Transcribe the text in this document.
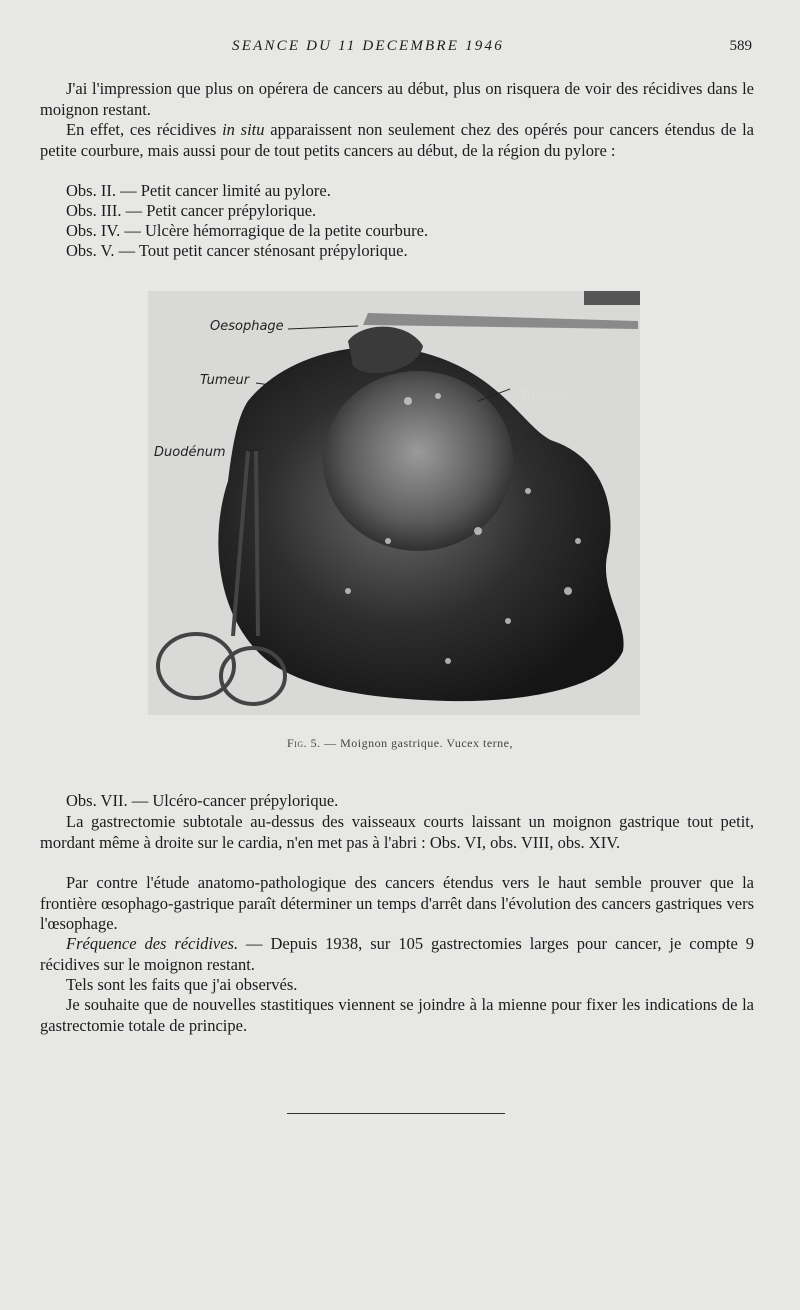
SEANCE DU 11 DECEMBRE 1946	589

J'ai l'impression que plus on opérera de cancers au début, plus on risquera de voir des récidives dans le moignon restant.

En effet, ces récidives in situ apparaissent non seulement chez des opérés pour cancers étendus de la petite courbure, mais aussi pour de tout petits cancers au début, de la région du pylore :

Obs. II. — Petit cancer limité au pylore.

Obs. III. — Petit cancer prépylorique.

Obs. IV. — Ulcère hémorragique de la petite courbure.

Obs. V. — Tout petit cancer sténosant prépylorique.

Oesophage
Tumeur
Tumeur
Duodénum
Fig. 5. — Moignon gastrique. Vucex terne,

Obs. VII. — Ulcéro-cancer prépylorique.

La gastrectomie subtotale au-dessus des vaisseaux courts laissant un moignon gastrique tout petit, mordant même à droite sur le cardia, n'en met pas à l'abri : Obs. VI, obs. VIII, obs. XIV.

Par contre l'étude anatomo-pathologique des cancers étendus vers le haut semble prouver que la frontière œsophago-gastrique paraît déterminer un temps d'arrêt dans l'évolution des cancers gastriques vers l'œsophage.

Fréquence des récidives. — Depuis 1938, sur 105 gastrectomies larges pour cancer, je compte 9 récidives sur le moignon restant.

Tels sont les faits que j'ai observés.

Je souhaite que de nouvelles stastitiques viennent se joindre à la mienne pour fixer les indications de la gastrectomie totale de principe.
